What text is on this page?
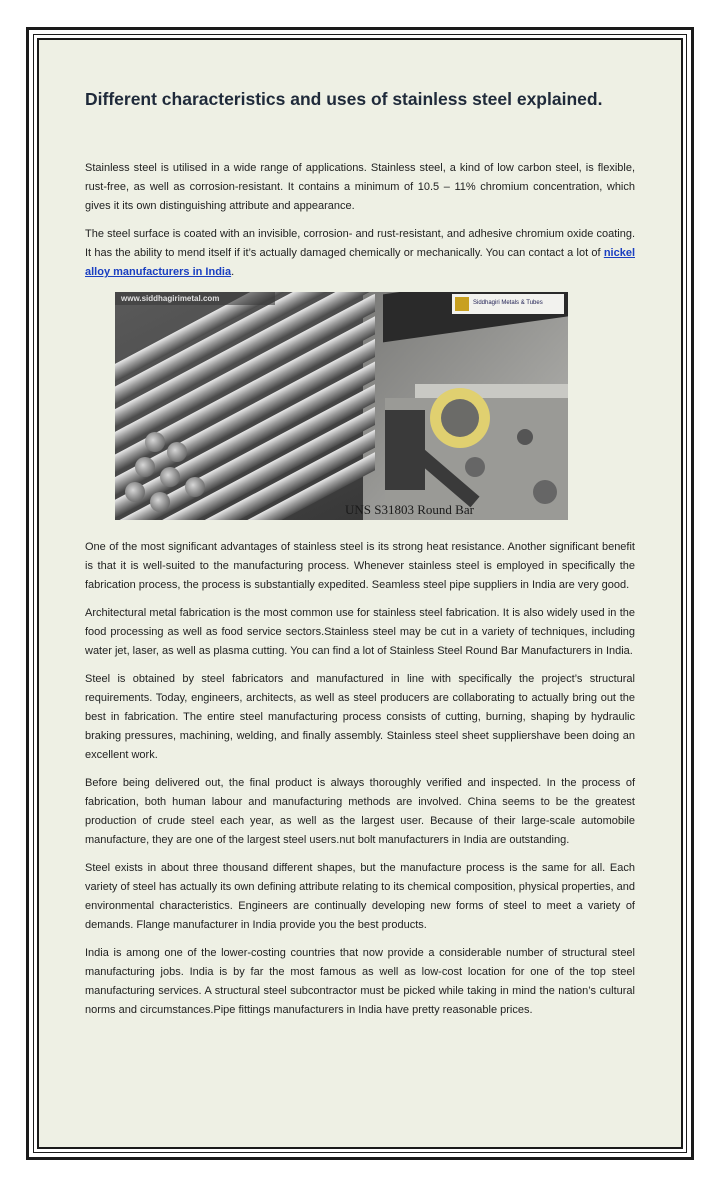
Different characteristics and uses of stainless steel explained.

Stainless steel is utilised in a wide range of applications. Stainless steel, a kind of low carbon steel, is flexible, rust-free, as well as corrosion-resistant. It contains a minimum of 10.5 – 11% chromium concentration, which gives it its own distinguishing attribute and appearance.

The steel surface is coated with an invisible, corrosion- and rust-resistant, and adhesive chromium oxide coating. It has the ability to mend itself if it’s actually damaged chemically or mechanically. You can contact a lot of nickel alloy manufacturers in India.

Siddhagiri Metals & Tubes
www.siddhagirimetal.com
UNS S31803 Round Bar

One of the most significant advantages of stainless steel is its strong heat resistance. Another significant benefit is that it is well-suited to the manufacturing process. Whenever stainless steel is employed in specifically the fabrication process, the process is substantially expedited. Seamless steel pipe suppliers in India are very good.

Architectural metal fabrication is the most common use for stainless steel fabrication. It is also widely used in the food processing as well as food service sectors.Stainless steel may be cut in a variety of techniques, including water jet, laser, as well as plasma cutting. You can find a lot of Stainless Steel Round Bar Manufacturers in India.

Steel is obtained by steel fabricators and manufactured in line with specifically the project’s structural requirements. Today, engineers, architects, as well as steel producers are collaborating to actually bring out the best in fabrication. The entire steel manufacturing process consists of cutting, burning, shaping by hydraulic braking pressures, machining, welding, and finally assembly. Stainless steel sheet suppliershave been doing an excellent work.

Before being delivered out, the final product is always thoroughly verified and inspected. In the process of fabrication, both human labour and manufacturing methods are involved. China seems to be the greatest production of crude steel each year, as well as the largest user. Because of their large-scale automobile manufacture, they are one of the largest steel users.nut bolt manufacturers in India are outstanding.

Steel exists in about three thousand different shapes, but the manufacture process is the same for all. Each variety of steel has actually its own defining attribute relating to its chemical composition, physical properties, and environmental characteristics. Engineers are continually developing new forms of steel to meet a variety of demands. Flange manufacturer in India provide you the best products.

India is among one of the lower-costing countries that now provide a considerable number of structural steel manufacturing jobs. India is by far the most famous as well as low-cost location for one of the top steel manufacturing services. A structural steel subcontractor must be picked while taking in mind the nation’s cultural norms and circumstances.Pipe fittings manufacturers in India have pretty reasonable prices.
